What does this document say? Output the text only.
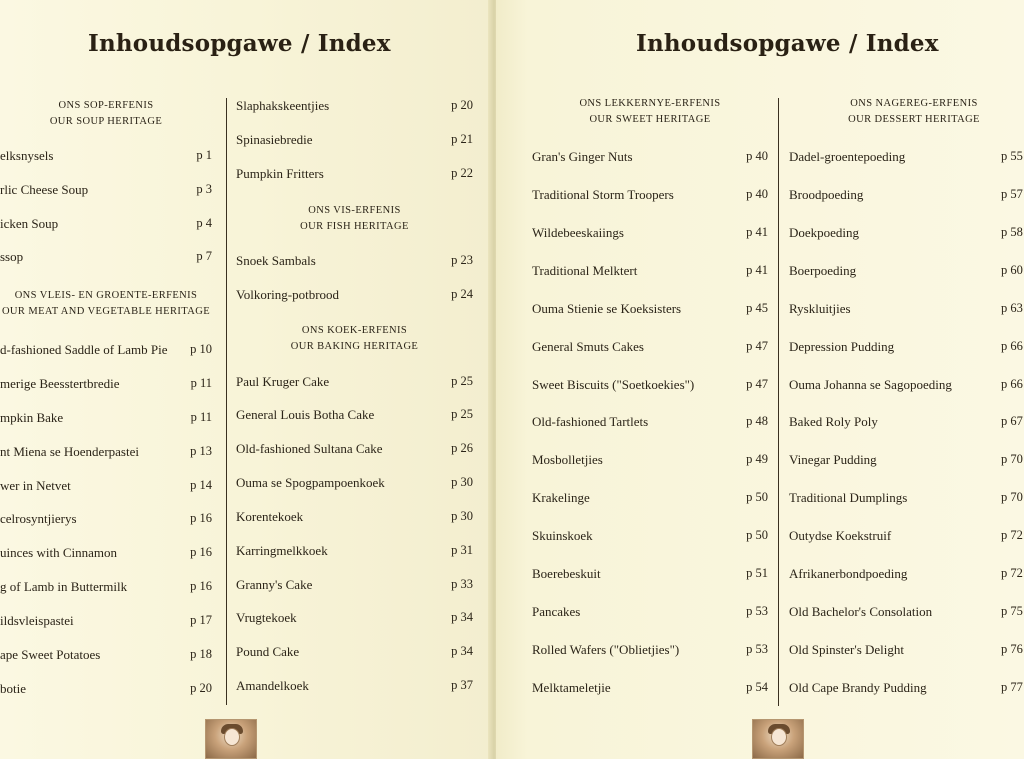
Inhoudsopgawe / Index
ONS SOP-ERFENIS
OUR SOUP HERITAGE
elksnysels	p 1
rlic Cheese Soup	p 3
icken Soup	p 4
ssop	p 7
ONS VLEIS- EN GROENTE-ERFENIS
OUR MEAT AND VEGETABLE HERITAGE
d-fashioned Saddle of Lamb Pie p 10
merige Beesstertbredie	p 11
mpkin Bake	p 11
nt Miena se Hoenderpastei	p 13
wer in Netvet	p 14
celrosyntjierys	p 16
uinces with Cinnamon	p 16
g of Lamb in Buttermilk	p 16
ildsvleispastei	p 17
ape Sweet Potatoes	p 18
botie	p 20
Slaphakskeentjies	p 20
Spinasiebredie	p 21
Pumpkin Fritters	p 22
ONS VIS-ERFENIS
OUR FISH HERITAGE
Snoek Sambals	p 23
Volkoring-potbrood	p 24
ONS KOEK-ERFENIS
OUR BAKING HERITAGE
Paul Kruger Cake	p 25
General Louis Botha Cake	p 25
Old-fashioned Sultana Cake	p 26
Ouma se Spogpampoenkoek	p 30
Korentekoek	p 30
Karringmelkkoek	p 31
Granny's Cake	p 33
Vrugtekoek	p 34
Pound Cake	p 34
Amandelkoek	p 37
Inhoudsopgawe / Index
ONS LEKKERNYE-ERFENIS
OUR SWEET HERITAGE
Gran's Ginger Nuts	p 40
Traditional Storm Troopers	p 40
Wildebeeskaiings	p 41
Traditional Melktert	p 41
Ouma Stienie se Koeksisters	p 45
General Smuts Cakes	p 47
Sweet Biscuits ("Soetkoekies")	p 47
Old-fashioned Tartlets	p 48
Mosbolletjies	p 49
Krakelinge	p 50
Skuinskoek	p 50
Boerebeskuit	p 51
Pancakes	p 53
Rolled Wafers ("Oblietjies")	p 53
Melktameletjie	p 54
ONS NAGEREG-ERFENIS
OUR DESSERT HERITAGE
Dadel-groentepoeding	p 55
Broodpoeding	p 57
Doekpoeding	p 58
Boerpoeding	p 60
Ryskluitjies	p 63
Depression Pudding	p 66
Ouma Johanna se Sagopoeding	p 66
Baked Roly Poly	p 67
Vinegar Pudding	p 70
Traditional Dumplings	p 70
Outydse Koekstruif	p 72
Afrikanerbondpoeding	p 72
Old Bachelor's Consolation	p 75
Old Spinster's Delight	p 76
Old Cape Brandy Pudding	p 77
